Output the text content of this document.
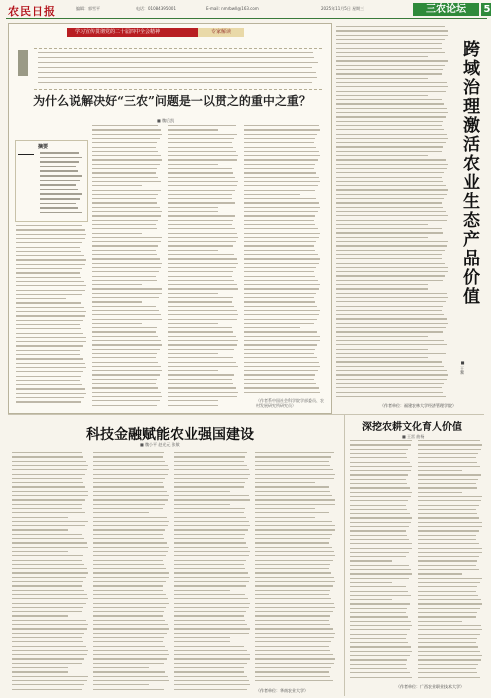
农民日报	编辑：郭雪平	电话：01084395001	E-mail: nmrbwll@163.com	2025年11月5日 星期三	三农论坛	5
学习宣传贯彻党的二十届四中全会精神	专家解读
为什么说解决好“三农”问题是一以贯之的重中之重？
■ 魏后凯
摘要
（作者系中国社会科学院学部委员、农村发展研究所研究员）
跨域治理激活农业生态产品价值
■ 王黎
（作者单位：福建农林大学经济管理学院）
科技金融赋能农业强国建设
■ 魏小平 赵光元 张敏
（作者单位：华南农业大学）
深挖农耕文化育人价值
■ 王雷 曲杨
（作者单位：广西农业职业技术大学）
